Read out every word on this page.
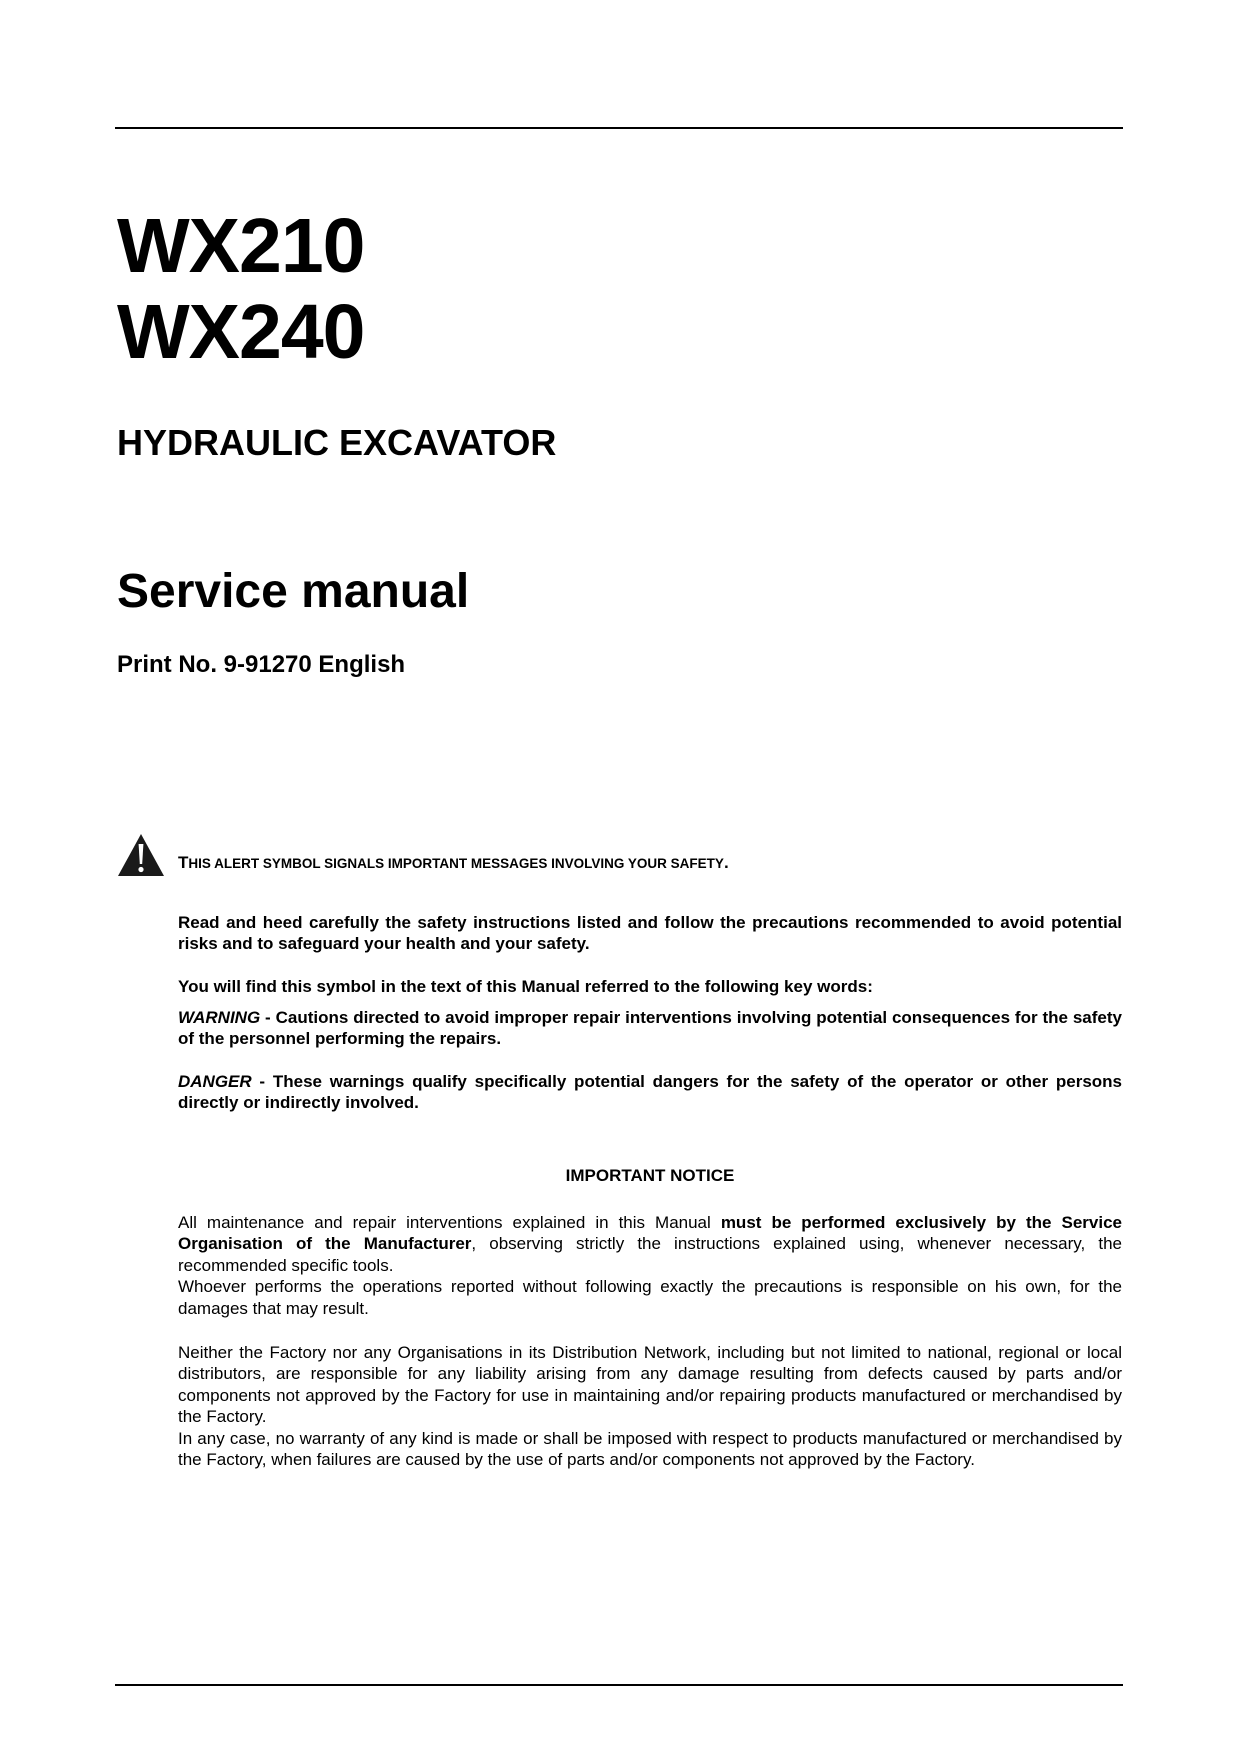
WX210
WX240
HYDRAULIC EXCAVATOR
Service manual
Print No. 9-91270 English
THIS ALERT SYMBOL SIGNALS IMPORTANT MESSAGES INVOLVING YOUR SAFETY.

Read and heed carefully the safety instructions listed and follow the precautions recommended to avoid potential risks and to safeguard your health and your safety.

You will find this symbol in the text of this Manual referred to the following key words:

WARNING - Cautions directed to avoid improper repair interventions involving potential consequences for the safety of the personnel performing the repairs.

DANGER - These warnings qualify specifically potential dangers for the safety of the operator or other persons directly or indirectly involved.

IMPORTANT NOTICE

All maintenance and repair interventions explained in this Manual must be performed exclusively by the Service Organisation of the Manufacturer, observing strictly the instructions explained using, whenever necessary, the recommended specific tools.

Whoever performs the operations reported without following exactly the precautions is responsible on his own, for the damages that may result.

Neither the Factory nor any Organisations in its Distribution Network, including but not limited to national, regional or local distributors, are responsible for any liability arising from any damage resulting from defects caused by parts and/or components not approved by the Factory for use in maintaining and/or repairing products manufactured or merchandised by the Factory.

In any case, no warranty of any kind is made or shall be imposed with respect to products manufactured or merchandised by the Factory, when failures are caused by the use of parts and/or components not approved by the Factory.
